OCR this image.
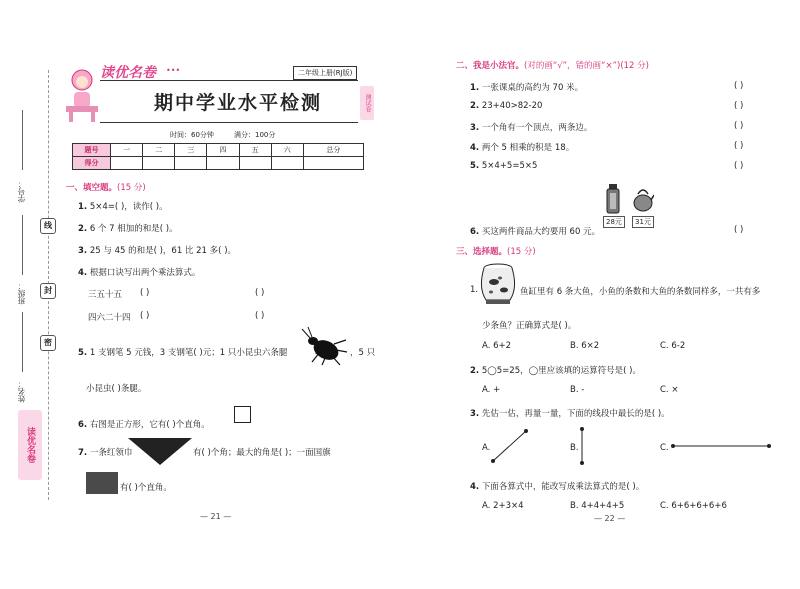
线
封
密
学号：
班级：
姓名：
读优名卷
读优名卷 •••	二年级上册(RJ版)
期中学业水平检测	测试卷
时间：60分钟	满分：100分
题号	一	二	三	四	五	六	总分
得分							
一、填空题。(15 分)
1. 5×4=( )，读作( )。
2. 6 个 7 相加的和是( )。
3. 25 与 45 的和是( )，61 比 21 多( )。
4. 根据口诀写出两个乘法算式。
三五十五 ( )	( )
四六二十四 ( )	( )
5. 1 支钢笔 5 元钱，3 支钢笔( )元；1 只小昆虫六条腿	，5 只
小昆虫( )条腿。
6. 右图是正方形，它有( )个直角。
7. 一条红领巾	有( )个角；最大的角是( )；一面国旗
有( )个直角。
— 21 —
二、我是小法官。(对的画“√”，错的画“×”)(12 分)
1. 一张课桌的高约为 70 米。	( )
2. 23+40>82-20	( )
3. 一个角有一个顶点，两条边。	( )
4. 两个 5 相乘的积是 18。	( )
5. 5×4+5=5×5	( )
28元	31元
6. 买这两件商品大约要用 60 元。	( )
三、选择题。(15 分)
1.	鱼缸里有 6 条大鱼，小鱼的条数和大鱼的条数同样多，一共有多
少条鱼？正确算式是( )。
A. 6+2	B. 6×2	C. 6-2
2. 5◯5=25，◯里应该填的运算符号是( )。
A. +	B. -	C. ×
3. 先估一估，再量一量，下面的线段中最长的是( )。
A.	B.	C.
4. 下面各算式中，能改写成乘法算式的是( )。
A. 2+3×4	B. 4+4+4+5	C. 6+6+6+6+6
— 22 —
